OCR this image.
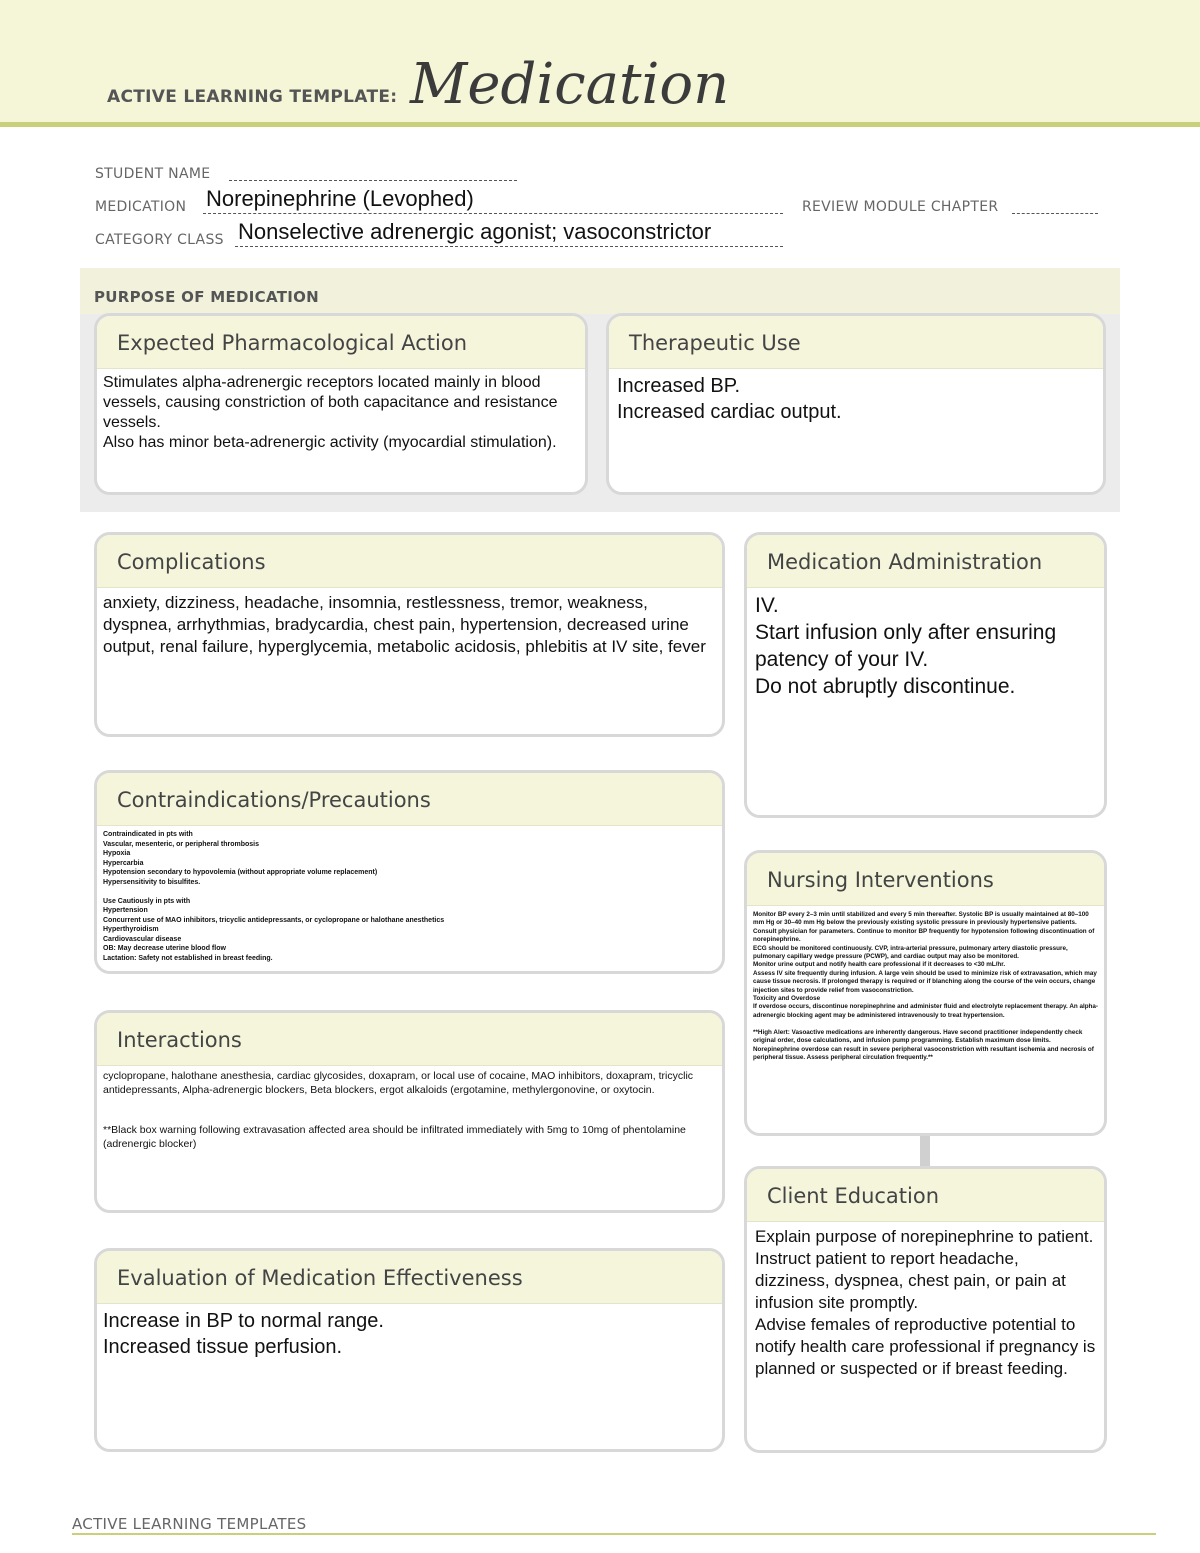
ACTIVE LEARNING TEMPLATE: Medication
STUDENT NAME
MEDICATION Norepinephrine (Levophed)	REVIEW MODULE CHAPTER
CATEGORY CLASS Nonselective adrenergic agonist; vasoconstrictor
PURPOSE OF MEDICATION
Expected Pharmacological Action
Stimulates alpha-adrenergic receptors located mainly in blood vessels, causing constriction of both capacitance and resistance vessels.
Also has minor beta-adrenergic activity (myocardial stimulation).
Therapeutic Use
Increased BP.
Increased cardiac output.
Complications
anxiety, dizziness, headache, insomnia, restlessness, tremor, weakness, dyspnea, arrhythmias, bradycardia, chest pain, hypertension, decreased urine output, renal failure, hyperglycemia, metabolic acidosis, phlebitis at IV site, fever
Medication Administration
IV.
Start infusion only after ensuring patency of your IV.
Do not abruptly discontinue.
Contraindications/Precautions
Contraindicated in pts with
Vascular, mesenteric, or peripheral thrombosis
Hypoxia
Hypercarbia
Hypotension secondary to hypovolemia (without appropriate volume replacement)
Hypersensitivity to bisulfites.

Use Cautiously in pts with
Hypertension
Concurrent use of MAO inhibitors, tricyclic antidepressants, or cyclopropane or halothane anesthetics
Hyperthyroidism
Cardiovascular disease
OB: May decrease uterine blood flow
Lactation: Safety not established in breast feeding.
Nursing Interventions
Monitor BP every 2–3 min until stabilized and every 5 min thereafter. Systolic BP is usually maintained at 80–100 mm Hg or 30–40 mm Hg below the previously existing systolic pressure in previously hypertensive patients. Consult physician for parameters. Continue to monitor BP frequently for hypotension following discontinuation of norepinephrine.
ECG should be monitored continuously. CVP, intra-arterial pressure, pulmonary artery diastolic pressure, pulmonary capillary wedge pressure (PCWP), and cardiac output may also be monitored.
Monitor urine output and notify health care professional if it decreases to <30 mL/hr.
Assess IV site frequently during infusion. A large vein should be used to minimize risk of extravasation, which may cause tissue necrosis. If prolonged therapy is required or if blanching along the course of the vein occurs, change injection sites to provide relief from vasoconstriction.
Toxicity and Overdose
If overdose occurs, discontinue norepinephrine and administer fluid and electrolyte replacement therapy. An alpha-adrenergic blocking agent may be administered intravenously to treat hypertension.

**High Alert: Vasoactive medications are inherently dangerous. Have second practitioner independently check original order, dose calculations, and infusion pump programming. Establish maximum dose limits. Norepinephrine overdose can result in severe peripheral vasoconstriction with resultant ischemia and necrosis of peripheral tissue. Assess peripheral circulation frequently.**
Interactions
cyclopropane, halothane anesthesia, cardiac glycosides, doxapram, or local use of cocaine, MAO inhibitors, doxapram, tricyclic antidepressants, Alpha-adrenergic blockers, Beta blockers, ergot alkaloids (ergotamine, methylergonovine, or oxytocin.

**Black box warning following extravasation affected area should be infiltrated immediately with 5mg to 10mg of phentolamine (adrenergic blocker)
Client Education
Explain purpose of norepinephrine to patient.
Instruct patient to report headache, dizziness, dyspnea, chest pain, or pain at infusion site promptly.
Advise females of reproductive potential to notify health care professional if pregnancy is planned or suspected or if breast feeding.
Evaluation of Medication Effectiveness
Increase in BP to normal range.
Increased tissue perfusion.
ACTIVE LEARNING TEMPLATES
